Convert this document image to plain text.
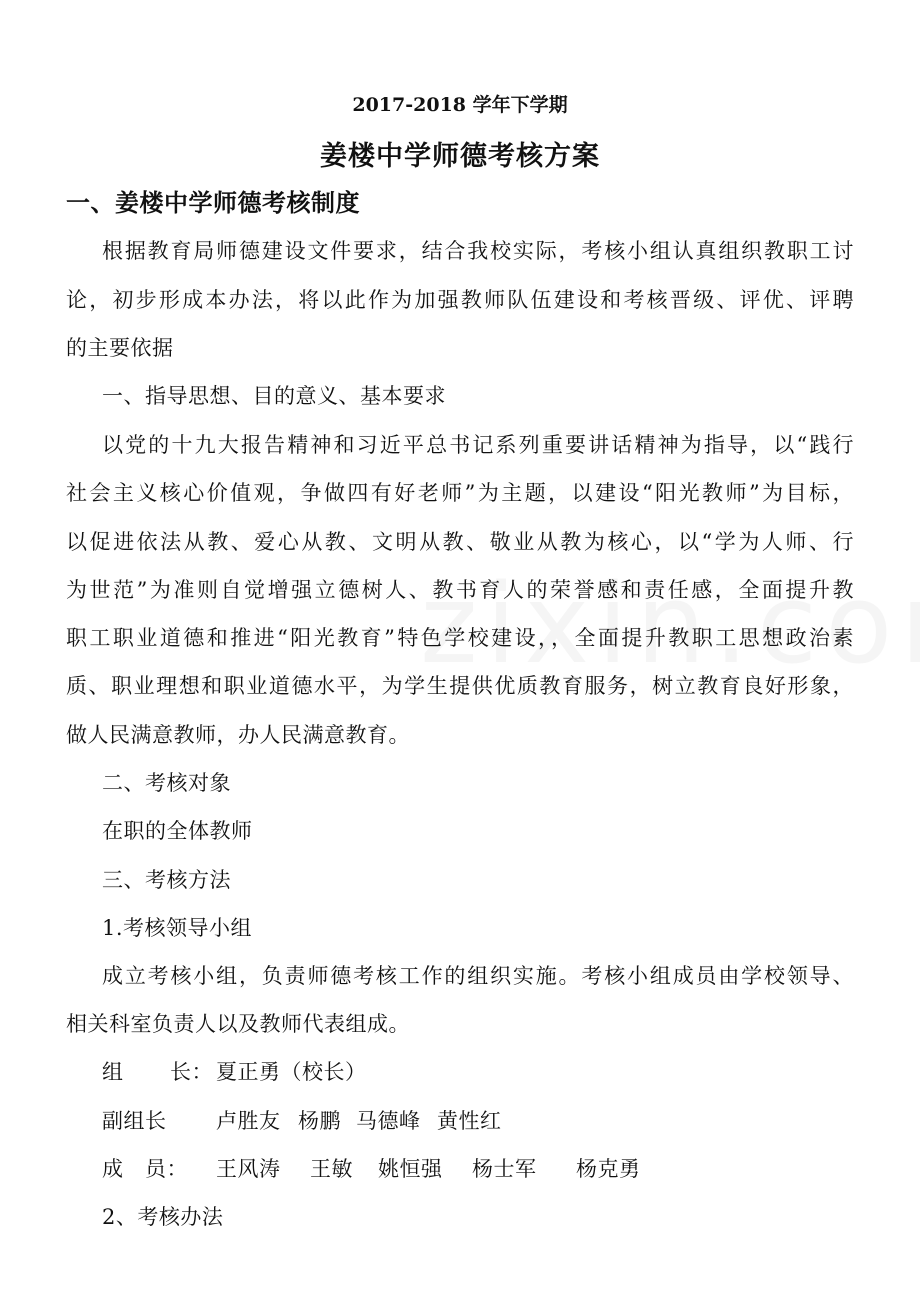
2017-2018 学年下学期
姜楼中学师德考核方案
一、姜楼中学师德考核制度
根据教育局师德建设文件要求，结合我校实际，考核小组认真组织教职工讨
论，初步形成本办法，将以此作为加强教师队伍建设和考核晋级、评优、评聘
的主要依据
一、指导思想、目的意义、基本要求
以党的十九大报告精神和习近平总书记系列重要讲话精神为指导，以“践行
社会主义核心价值观，争做四有好老师”为主题，以建设“阳光教师”为目标，
以促进依法从教、爱心从教、文明从教、敬业从教为核心，以“学为人师、行
为世范”为准则自觉增强立德树人、教书育人的荣誉感和责任感，全面提升教
职工职业道德和推进“阳光教育”特色学校建设，，全面提升教职工思想政治素
质、职业理想和职业道德水平，为学生提供优质教育服务，树立教育良好形象，
做人民满意教师，办人民满意教育。
二、考核对象
在职的全体教师
三、考核方法
1.考核领导小组
成立考核小组，负责师德考核工作的组织实施。考核小组成员由学校领导、
相关科室负责人以及教师代表组成。
组 长： 夏正勇（校长）
副组长 卢胜友 杨鹏 马德峰 黄性红
成　员： 王风涛 王敏 姚恒强 杨士军 杨克勇
2、考核办法
